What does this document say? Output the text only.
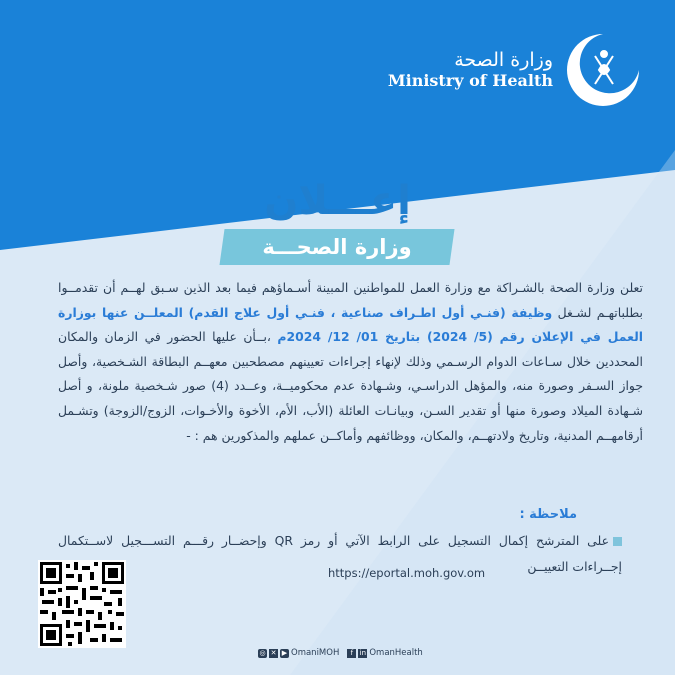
وزارة الصحة
Ministry of Health
إعـــلان
وزارة الصحـــة
تعلن وزارة الصحة بالشـراكة مع وزارة العمل للمواطنين المبينة أسـماؤهم فيما بعد الذين سـبق لهــم أن تقدمــوا بطلباتهـم لشـغل وظيفة (فنـي أول اطـراف صناعية ، فنـي أول علاج القدم) المعلــن عنها بوزارة العمل في الإعلان رقم (5/ 2024) بتاريخ 01/ 12/ 2024م ،بــأن عليها الحضور في الزمان والمكان المحددين خلال سـاعات الدوام الرسـمي وذلك لإنهاء إجراءات تعيينهم مصطحبين معهــم البطاقة الشـخصية، وأصل جواز السـفر وصورة منه، والمؤهل الدراسـي، وشـهادة عدم محكوميــة، وعــدد (4) صور شـخصية ملونة، و أصل شـهادة الميلاد وصورة منها أو تقدير السـن، وبيانـات العائلة (الأب، الأم، الأخوة والأخـوات، الزوج/الزوجة) وتشـمل أرقامهــم المدنية، وتاريخ ولادتهــم، والمكان، ووظائفهم وأماكــن عملهم والمذكورين هم : -
ملاحظة :
على المترشح إكمال التسجيل على الرابط الآتي أو رمز QR وإحضــار رقـــم التســـجيل لاســتكمال إجــراءات التعييــن
https://eportal.moh.gov.om
◎ ✕ ▶ OmaniMOH	f in OmanHealth
